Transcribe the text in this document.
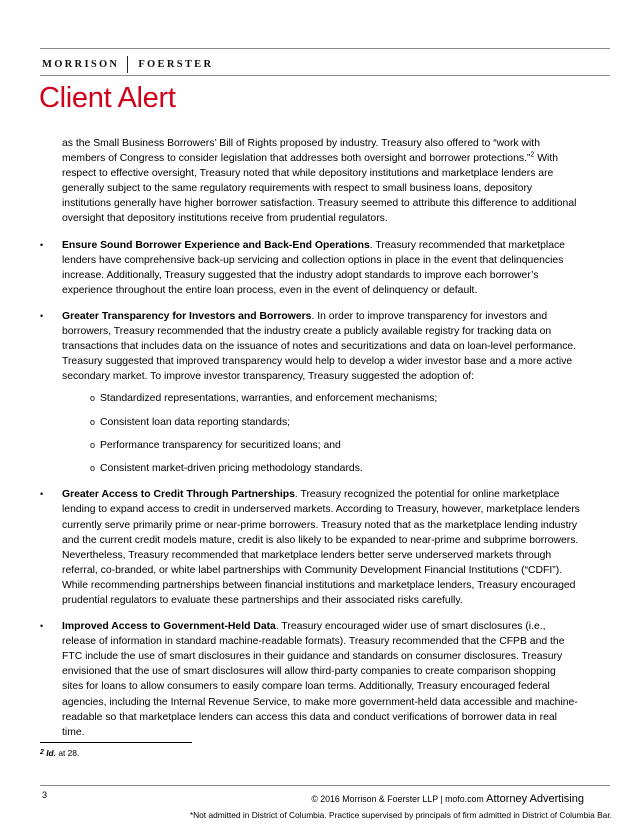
MORRISON FOERSTER
Client Alert

as the Small Business Borrowers’ Bill of Rights proposed by industry. Treasury also offered to “work with members of Congress to consider legislation that addresses both oversight and borrower protections.”$^2$ With respect to effective oversight, Treasury noted that while depository institutions and marketplace lenders are generally subject to the same regulatory requirements with respect to small business loans, depository institutions generally have higher borrower satisfaction. Treasury seemed to attribute this difference to additional oversight that depository institutions receive from prudential regulators.

• Ensure Sound Borrower Experience and Back-End Operations. Treasury recommended that marketplace lenders have comprehensive back-up servicing and collection options in place in the event that delinquencies increase. Additionally, Treasury suggested that the industry adopt standards to improve each borrower’s experience throughout the entire loan process, even in the event of delinquency or default.
• Greater Transparency for Investors and Borrowers. In order to improve transparency for investors and borrowers, Treasury recommended that the industry create a publicly available registry for tracking data on transactions that includes data on the issuance of notes and securitizations and data on loan-level performance. Treasury suggested that improved transparency would help to develop a wider investor base and a more active secondary market. To improve investor transparency, Treasury suggested the adoption of:
o Standardized representations, warranties, and enforcement mechanisms;
o Consistent loan data reporting standards;
o Performance transparency for securitized loans; and
o Consistent market-driven pricing methodology standards.
• Greater Access to Credit Through Partnerships. Treasury recognized the potential for online marketplace lending to expand access to credit in underserved markets. According to Treasury, however, marketplace lenders currently serve primarily prime or near-prime borrowers. Treasury noted that as the marketplace lending industry and the current credit models mature, credit is also likely to be expanded to near-prime and subprime borrowers. Nevertheless, Treasury recommended that marketplace lenders better serve underserved markets through referral, co-branded, or white label partnerships with Community Development Financial Institutions (“CDFI”). While recommending partnerships between financial institutions and marketplace lenders, Treasury encouraged prudential regulators to evaluate these partnerships and their associated risks carefully.
• Improved Access to Government-Held Data. Treasury encouraged wider use of smart disclosures (i.e., release of information in standard machine-readable formats). Treasury recommended that the CFPB and the FTC include the use of smart disclosures in their guidance and standards on consumer disclosures. Treasury envisioned that the use of smart disclosures will allow third-party companies to create comparison shopping sites for loans to allow consumers to easily compare loan terms. Additionally, Treasury encouraged federal agencies, including the Internal Revenue Service, to make more government-held data accessible and machine-readable so that marketplace lenders can access this data and conduct verifications of borrower data in real time.
$^2$ Id. at 28.
3	© 2016 Morrison & Foerster LLP | mofo.com Attorney Advertising
*Not admitted in District of Columbia. Practice supervised by principals of firm admitted in District of Columbia Bar.
